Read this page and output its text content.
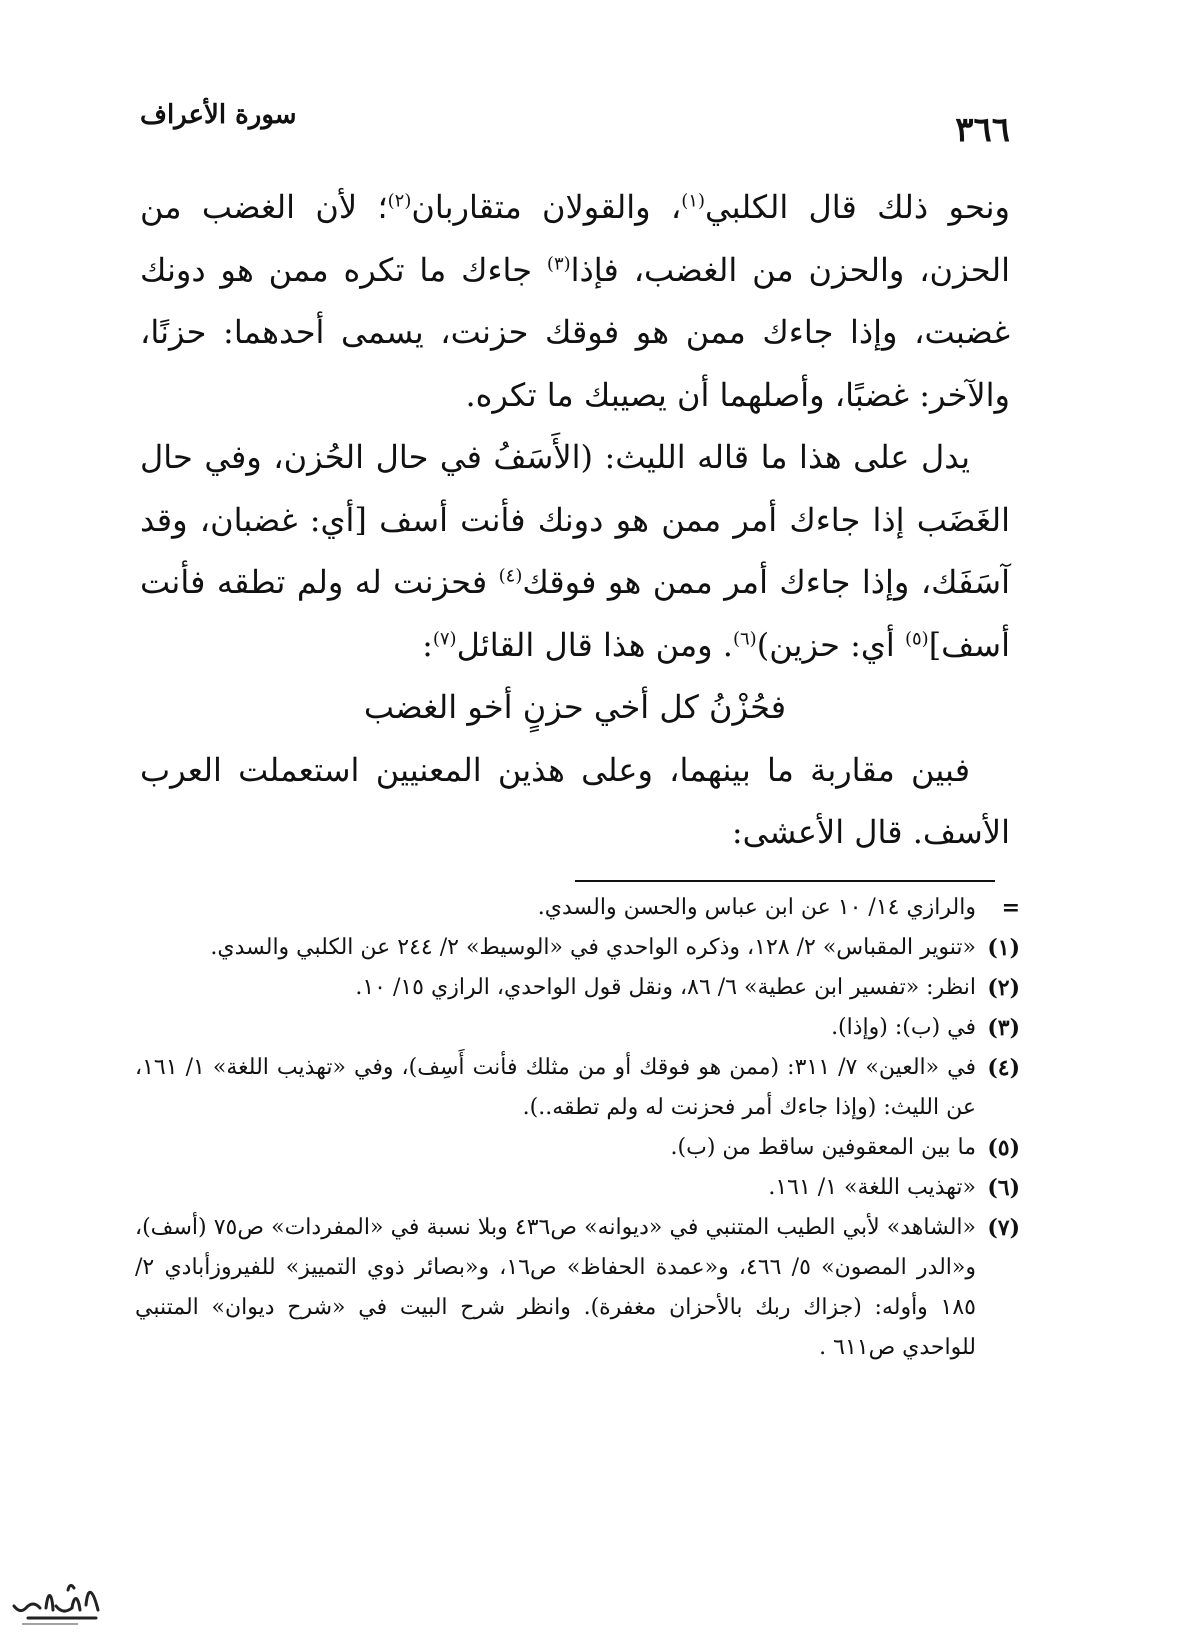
٣٦٦
سورة الأعراف

ونحو ذلك قال الكلبي$^{(١)}$، والقولان متقاربان$^{(٢)}$؛ لأن الغضب من الحزن، والحزن من الغضب، فإذا$^{(٣)}$ جاءك ما تكره ممن هو دونك غضبت، وإذا جاءك ممن هو فوقك حزنت، يسمى أحدهما: حزنًا، والآخر: غضبًا، وأصلهما أن يصيبك ما تكره.

يدل على هذا ما قاله الليث: (الأَسَفُ في حال الحُزن، وفي حال الغَضَب إذا جاءك أمر ممن هو دونك فأنت أسف [أي: غضبان، وقد آسَفَك، وإذا جاءك أمر ممن هو فوقك$^{(٤)}$ فحزنت له ولم تطقه فأنت أسف]$^{(٥)}$ أي: حزين)$^{(٦)}$. ومن هذا قال القائل$^{(٧)}$:

فحُزْنُ كل أخي حزنٍ أخو الغضب

فبين مقاربة ما بينهما، وعلى هذين المعنيين استعملت العرب الأسف. قال الأعشى:

=
والرازي ١٤/ ١٠ عن ابن عباس والحسن والسدي.
(١)
«تنوير المقباس» ٢/ ١٢٨، وذكره الواحدي في «الوسيط» ٢/ ٢٤٤ عن الكلبي والسدي.
(٢)
انظر: «تفسير ابن عطية» ٦/ ٨٦، ونقل قول الواحدي، الرازي ١٥/ ١٠.
(٣)
في (ب): (وإذا).
(٤)
في «العين» ٧/ ٣١١: (ممن هو فوقك أو من مثلك فأنت أَسِف)، وفي «تهذيب اللغة» ١/ ١٦١، عن الليث: (وإذا جاءك أمر فحزنت له ولم تطقه..).
(٥)
ما بين المعقوفين ساقط من (ب).
(٦)
«تهذيب اللغة» ١/ ١٦١.
(٧)
«الشاهد» لأبي الطيب المتنبي في «ديوانه» ص٤٣٦ وبلا نسبة في «المفردات» ص٧٥ (أسف)، و«الدر المصون» ٥/ ٤٦٦، و«عمدة الحفاظ» ص١٦، و«بصائر ذوي التمييز» للفيروزأبادي ٢/ ١٨٥ وأوله: (جزاك ربك بالأحزان مغفرة). وانظر شرح البيت في «شرح ديوان» المتنبي للواحدي ص٦١١ .
